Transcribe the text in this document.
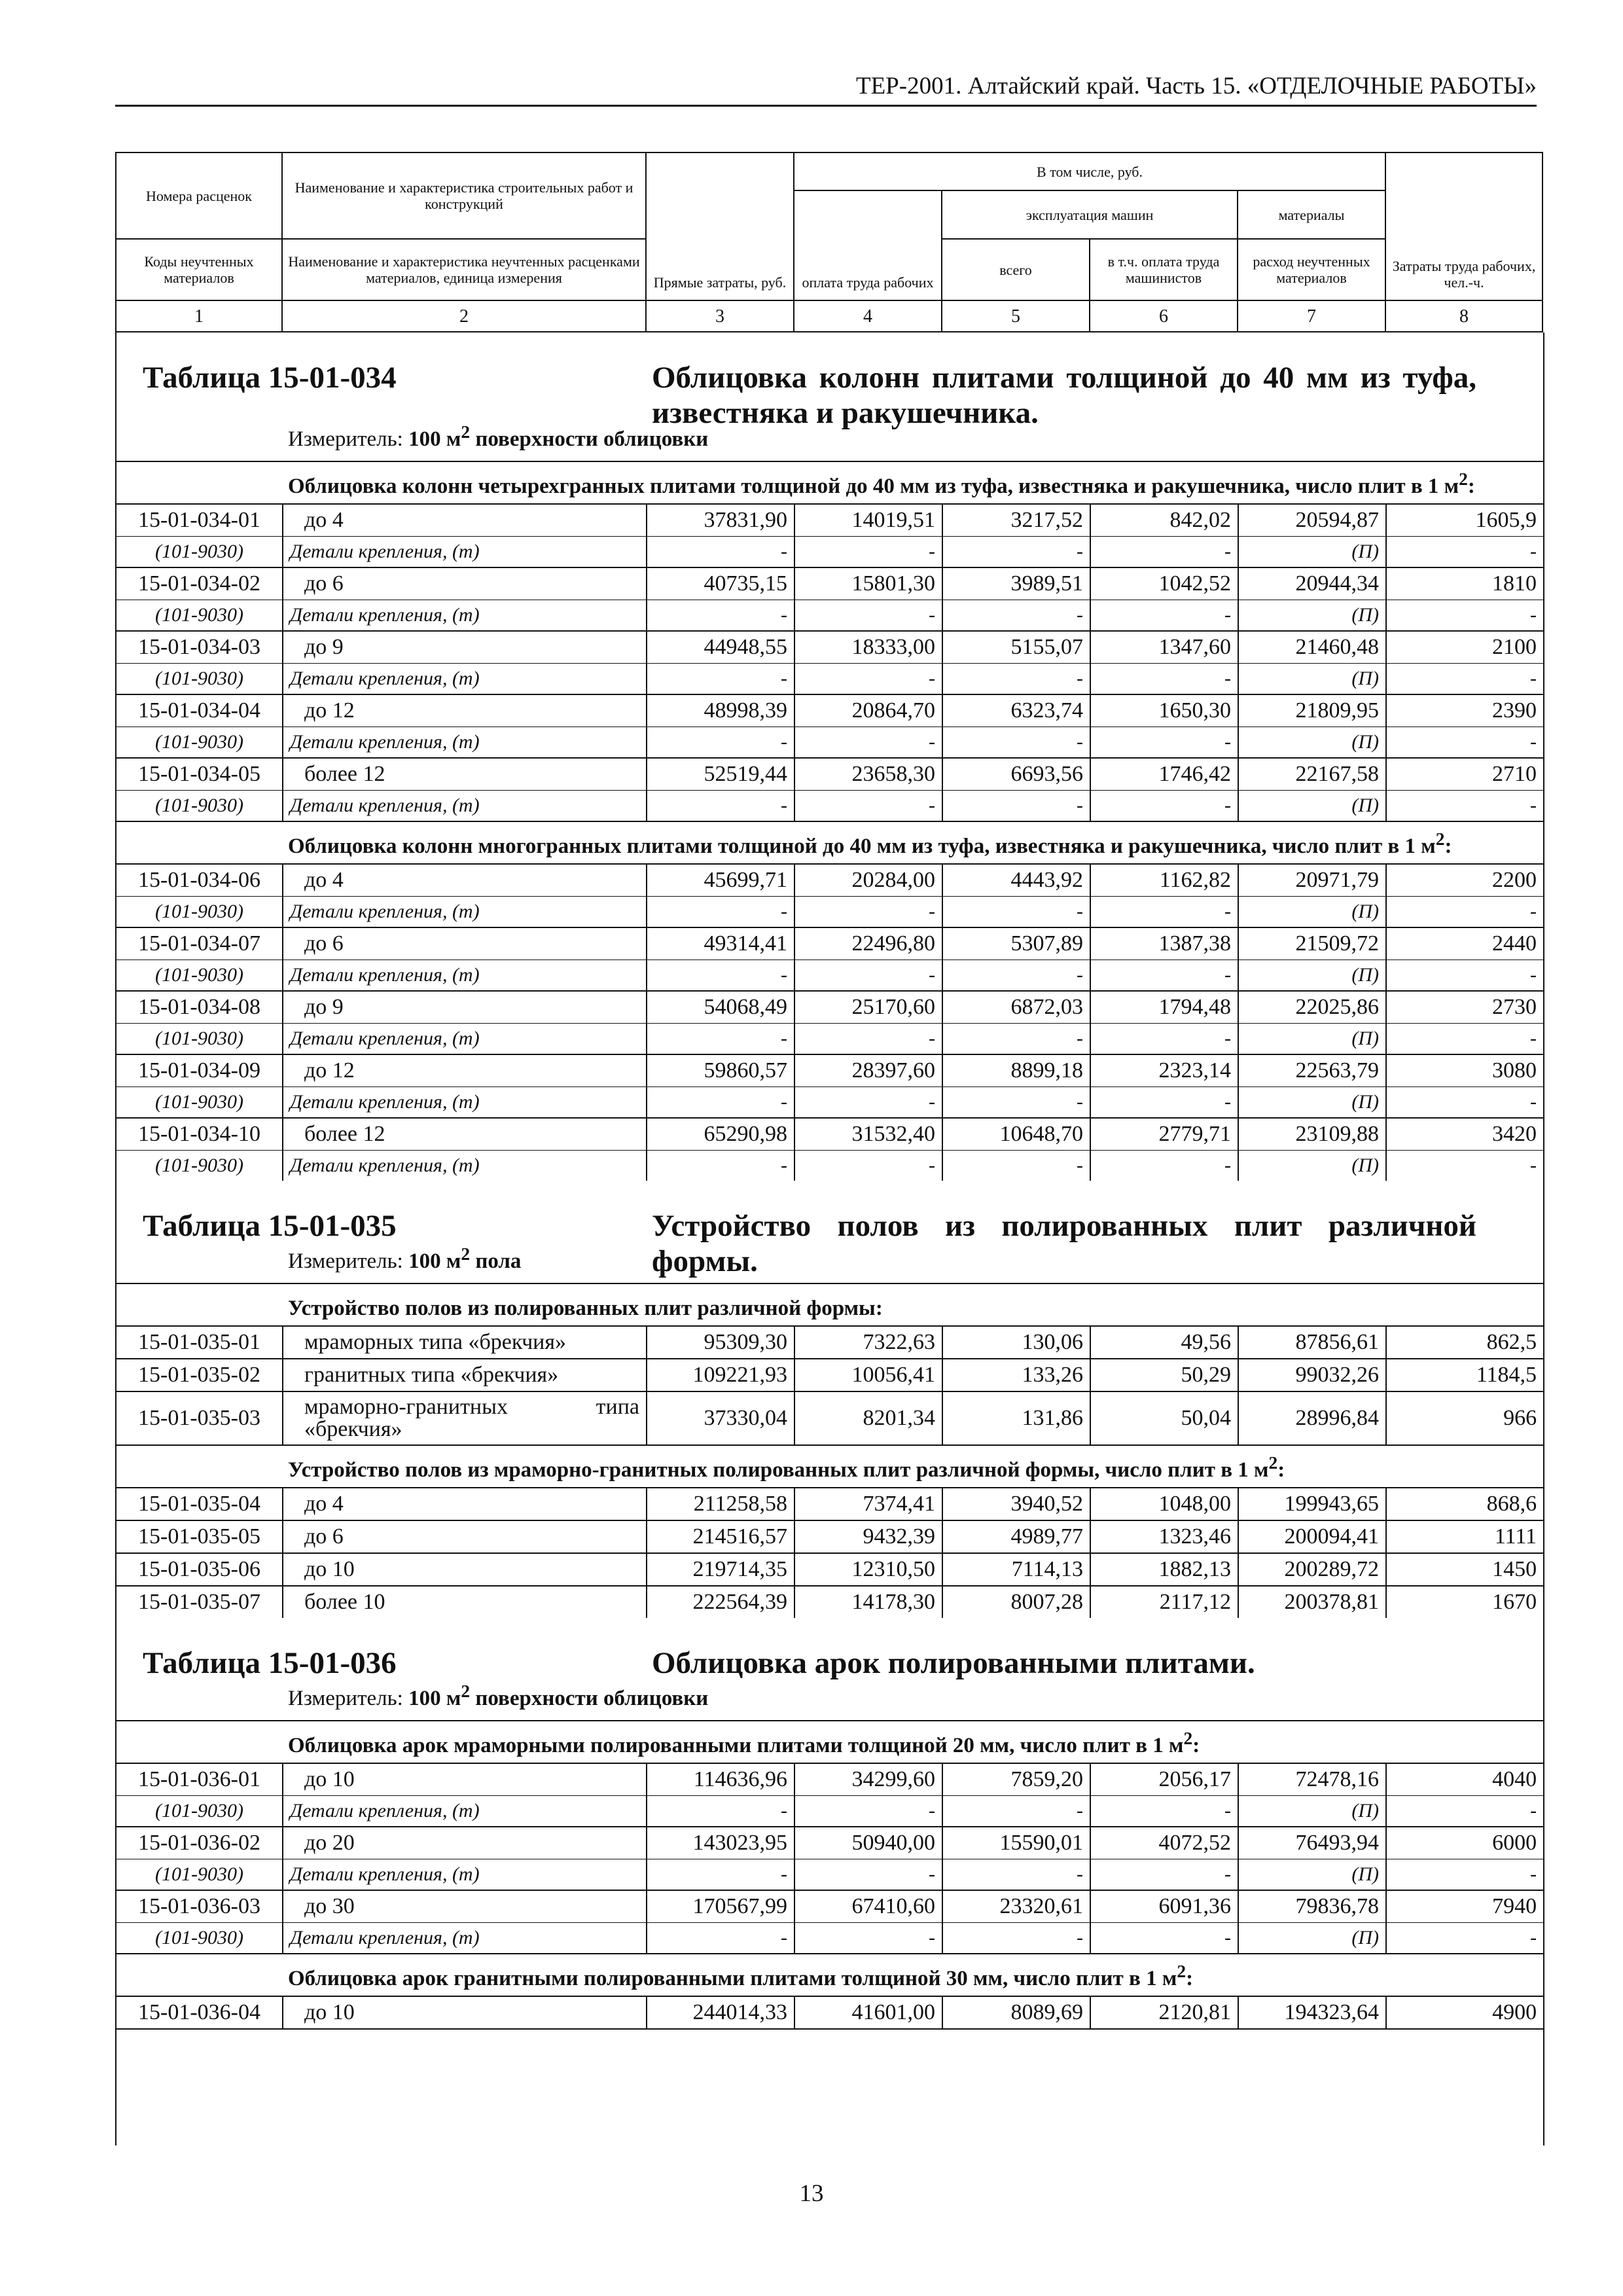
ТЕР-2001. Алтайский край. Часть 15. «ОТДЕЛОЧНЫЕ РАБОТЫ»
Номера расценок	Наименование и характеристика строительных работ и конструкций	Прямые затраты, руб.	В том числе, руб.				Затраты труда рабочих, чел.-ч.
			оплата труда рабочих	эксплуатация машин		материалы	
Коды неучтенных материалов	Наименование и характеристика неучтенных расценками материалов, единица измерения			всего	в т.ч. оплата труда машинистов	расход неучтенных материалов	
1	2	3	4	5	6	7	8
Таблица 15-01-034	Облицовка колонн плитами толщиной до 40 мм из туфа, известняка и ракушечника.
Измеритель: 100 $м^2$ поверхности облицовки
Облицовка колонн четырехгранных плитами толщиной до 40 мм из туфа, известняка и ракушечника, число плит в 1 $м^2$:							
15-01-034-01	до 4	37831,90	14019,51	3217,52	842,02	20594,87	1605,9
(101-9030)	Детали крепления, (т)	-	-	-	-	(П)	-
15-01-034-02	до 6	40735,15	15801,30	3989,51	1042,52	20944,34	1810
(101-9030)	Детали крепления, (т)	-	-	-	-	(П)	-
15-01-034-03	до 9	44948,55	18333,00	5155,07	1347,60	21460,48	2100
(101-9030)	Детали крепления, (т)	-	-	-	-	(П)	-
15-01-034-04	до 12	48998,39	20864,70	6323,74	1650,30	21809,95	2390
(101-9030)	Детали крепления, (т)	-	-	-	-	(П)	-
15-01-034-05	более 12	52519,44	23658,30	6693,56	1746,42	22167,58	2710
(101-9030)	Детали крепления, (т)	-	-	-	-	(П)	-
Облицовка колонн многогранных плитами толщиной до 40 мм из туфа, известняка и ракушечника, число плит в 1 $м^2$:							
15-01-034-06	до 4	45699,71	20284,00	4443,92	1162,82	20971,79	2200
(101-9030)	Детали крепления, (т)	-	-	-	-	(П)	-
15-01-034-07	до 6	49314,41	22496,80	5307,89	1387,38	21509,72	2440
(101-9030)	Детали крепления, (т)	-	-	-	-	(П)	-
15-01-034-08	до 9	54068,49	25170,60	6872,03	1794,48	22025,86	2730
(101-9030)	Детали крепления, (т)	-	-	-	-	(П)	-
15-01-034-09	до 12	59860,57	28397,60	8899,18	2323,14	22563,79	3080
(101-9030)	Детали крепления, (т)	-	-	-	-	(П)	-
15-01-034-10	более 12	65290,98	31532,40	10648,70	2779,71	23109,88	3420
(101-9030)	Детали крепления, (т)	-	-	-	-	(П)	-
Таблица 15-01-035	Устройство полов из полированных плит различной формы.
Измеритель: 100 $м^2$ пола
Устройство полов из полированных плит различной формы:							
15-01-035-01	мраморных типа «брекчия»	95309,30	7322,63	130,06	49,56	87856,61	862,5
15-01-035-02	гранитных типа «брекчия»	109221,93	10056,41	133,26	50,29	99032,26	1184,5
15-01-035-03	мраморно-гранитных типа «брекчия»	37330,04	8201,34	131,86	50,04	28996,84	966
Устройство полов из мраморно-гранитных полированных плит различной формы, число плит в 1 $м^2$:							
15-01-035-04	до 4	211258,58	7374,41	3940,52	1048,00	199943,65	868,6
15-01-035-05	до 6	214516,57	9432,39	4989,77	1323,46	200094,41	1111
15-01-035-06	до 10	219714,35	12310,50	7114,13	1882,13	200289,72	1450
15-01-035-07	более 10	222564,39	14178,30	8007,28	2117,12	200378,81	1670
Таблица 15-01-036	Облицовка арок полированными плитами.
Измеритель: 100 $м^2$ поверхности облицовки
Облицовка арок мраморными полированными плитами толщиной 20 мм, число плит в 1 $м^2$:							
15-01-036-01	до 10	114636,96	34299,60	7859,20	2056,17	72478,16	4040
(101-9030)	Детали крепления, (т)	-	-	-	-	(П)	-
15-01-036-02	до 20	143023,95	50940,00	15590,01	4072,52	76493,94	6000
(101-9030)	Детали крепления, (т)	-	-	-	-	(П)	-
15-01-036-03	до 30	170567,99	67410,60	23320,61	6091,36	79836,78	7940
(101-9030)	Детали крепления, (т)	-	-	-	-	(П)	-
Облицовка арок гранитными полированными плитами толщиной 30 мм, число плит в 1 $м^2$:							
15-01-036-04	до 10	244014,33	41601,00	8089,69	2120,81	194323,64	4900
13
